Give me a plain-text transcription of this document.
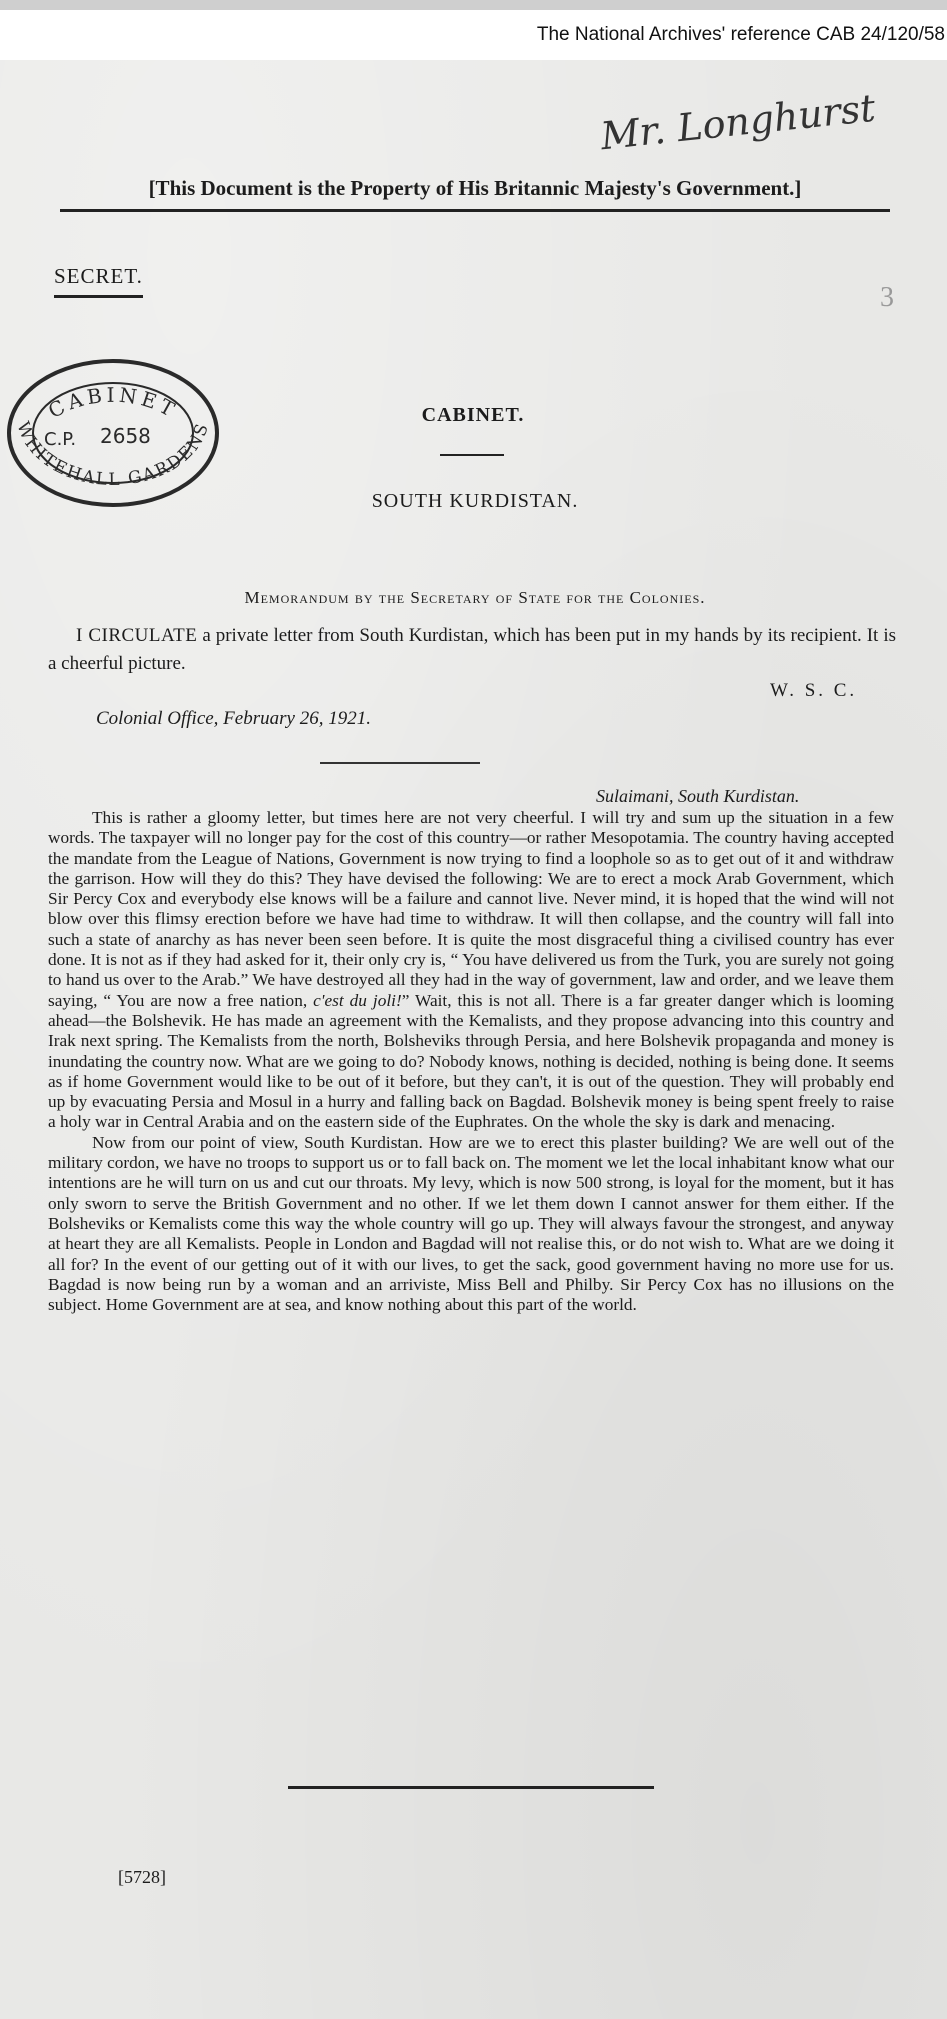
The National Archives' reference CAB 24/120/58
Mr. Longhurst
[This Document is the Property of His Britannic Majesty's Government.]
SECRET.
3
CABINET
WHITEHALL GARDENS
C.P. 2658
CABINET.
SOUTH KURDISTAN.
Memorandum by the Secretary of State for the Colonies.
I CIRCULATE a private letter from South Kurdistan, which has been put in my hands by its recipient. It is a cheerful picture.
W. S. C.
Colonial Office, February 26, 1921.
Sulaimani, South Kurdistan.

This is rather a gloomy letter, but times here are not very cheerful. I will try and sum up the situation in a few words. The taxpayer will no longer pay for the cost of this country—or rather Mesopotamia. The country having accepted the mandate from the League of Nations, Government is now trying to find a loophole so as to get out of it and withdraw the garrison. How will they do this? They have devised the following: We are to erect a mock Arab Government, which Sir Percy Cox and everybody else knows will be a failure and cannot live. Never mind, it is hoped that the wind will not blow over this flimsy erection before we have had time to withdraw. It will then collapse, and the country will fall into such a state of anarchy as has never been seen before. It is quite the most disgraceful thing a civilised country has ever done. It is not as if they had asked for it, their only cry is, “ You have delivered us from the Turk, you are surely not going to hand us over to the Arab.” We have destroyed all they had in the way of government, law and order, and we leave them saying, “ You are now a free nation, c'est du joli!” Wait, this is not all. There is a far greater danger which is looming ahead—the Bolshevik. He has made an agreement with the Kemalists, and they propose advancing into this country and Irak next spring. The Kemalists from the north, Bolsheviks through Persia, and here Bolshevik propaganda and money is inundating the country now. What are we going to do? Nobody knows, nothing is decided, nothing is being done. It seems as if home Government would like to be out of it before, but they can't, it is out of the question. They will probably end up by evacuating Persia and Mosul in a hurry and falling back on Bagdad. Bolshevik money is being spent freely to raise a holy war in Central Arabia and on the eastern side of the Euphrates. On the whole the sky is dark and menacing.

Now from our point of view, South Kurdistan. How are we to erect this plaster building? We are well out of the military cordon, we have no troops to support us or to fall back on. The moment we let the local inhabitant know what our intentions are he will turn on us and cut our throats. My levy, which is now 500 strong, is loyal for the moment, but it has only sworn to serve the British Government and no other. If we let them down I cannot answer for them either. If the Bolsheviks or Kemalists come this way the whole country will go up. They will always favour the strongest, and anyway at heart they are all Kemalists. People in London and Bagdad will not realise this, or do not wish to. What are we doing it all for? In the event of our getting out of it with our lives, to get the sack, good government having no more use for us. Bagdad is now being run by a woman and an arriviste, Miss Bell and Philby. Sir Percy Cox has no illusions on the subject. Home Government are at sea, and know nothing about this part of the world.

[5728]
